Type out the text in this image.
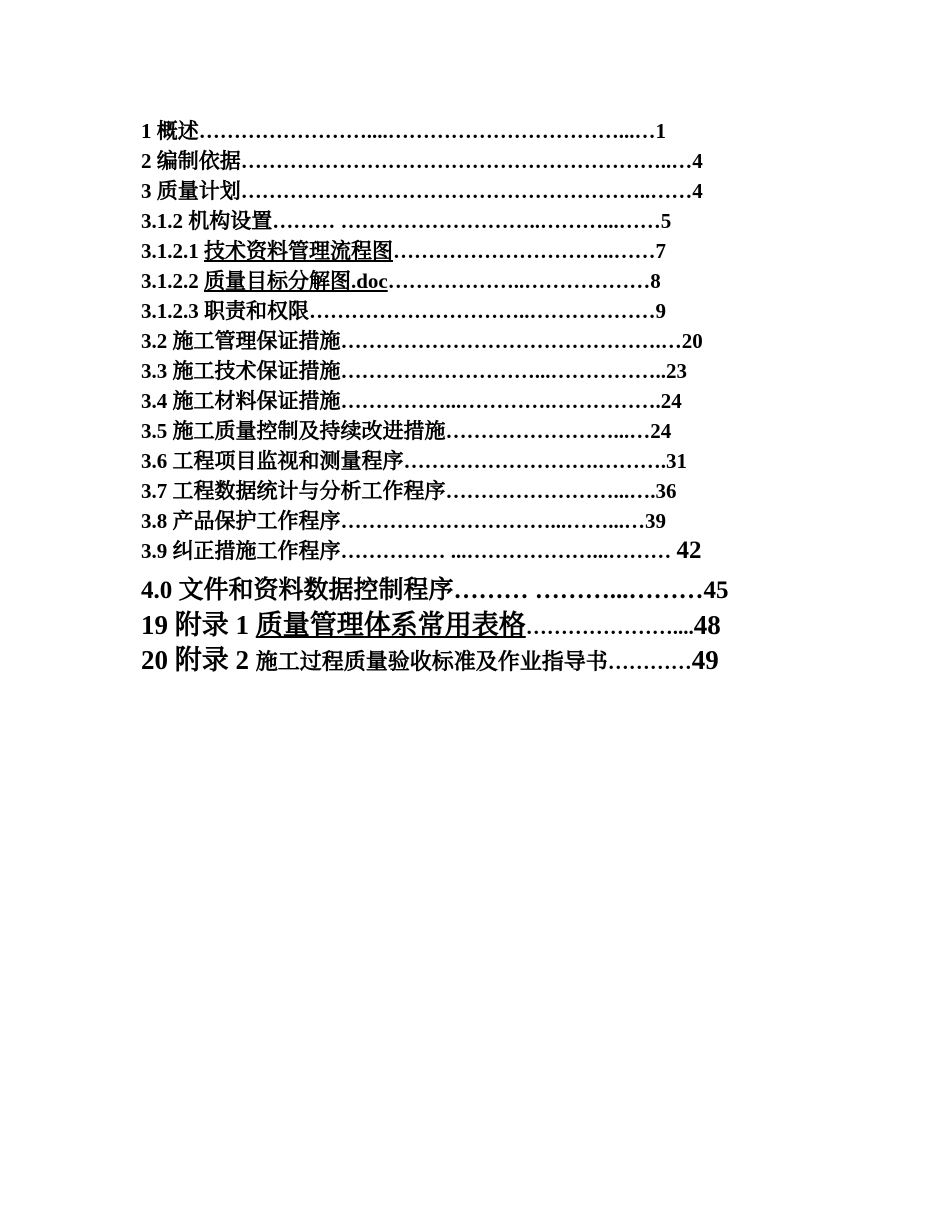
1 概述……………………....……………………………...…1
2 编制依据……………………………………………………..…4
3 质量计划…………………………………………………..……4
3.1.2 机构设置……… ………………………..………...……5
3.1.2.1 技术资料管理流程图…………………………..……7
3.1.2.2 质量目标分解图.doc………………..………………8
3.1.2.3 职责和权限…………………………..………………9
3.2 施工管理保证措施……………………………………….…20
3.3 施工技术保证措施………….……………...……………..23
3.4 施工材料保证措施……………...………….…………….24
3.5 施工质量控制及持续改进措施……………………...…24
3.6 工程项目监视和测量程序……………………….……….31
3.7 工程数据统计与分析工作程序……………………...….36
3.8 产品保护工作程序…………………………...……...…39
3.9 纠正措施工作程序…………… ...………………...……… 42
4.0 文件和资料数据控制程序……… ………...………45
19 附录 1 质量管理体系常用表格…………………....48
20 附录 2 施工过程质量验收标准及作业指导书…………49
